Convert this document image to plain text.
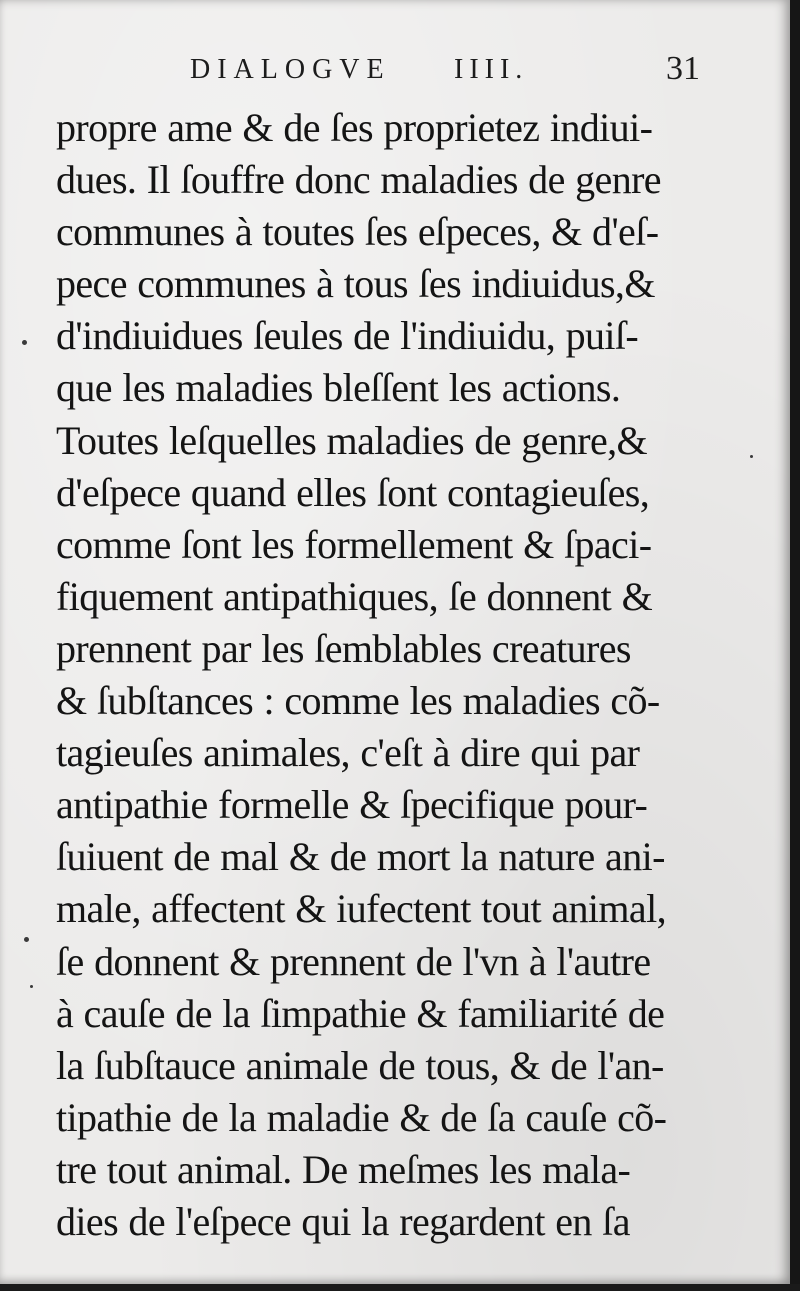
DIALOGVE IIII.	31
propre ame & de ſes proprietez indiui-
dues. Il ſouffre donc maladies de genre
communes à toutes ſes eſpeces, & d'eſ-
pece communes à tous ſes indiuidus,&
d'indiuidues ſeules de l'indiuidu, puiſ-
que les maladies bleſſent les actions.
Toutes leſquelles maladies de genre,&
d'eſpece quand elles ſont contagieuſes,
comme ſont les formellement & ſpaci-
fiquement antipathiques, ſe donnent &
prennent par les ſemblables creatures
& ſubſtances : comme les maladies cõ-
tagieuſes animales, c'eſt à dire qui par
antipathie formelle & ſpecifique pour-
ſuiuent de mal & de mort la nature ani-
male, affectent & iufectent tout animal,
ſe donnent & prennent de l'vn à l'autre
à cauſe de la ſimpathie & familiarité de
la ſubſtauce animale de tous, & de l'an-
tipathie de la maladie & de ſa cauſe cõ-
tre tout animal. De meſmes les mala-
dies de l'eſpece qui la regardent en ſa
